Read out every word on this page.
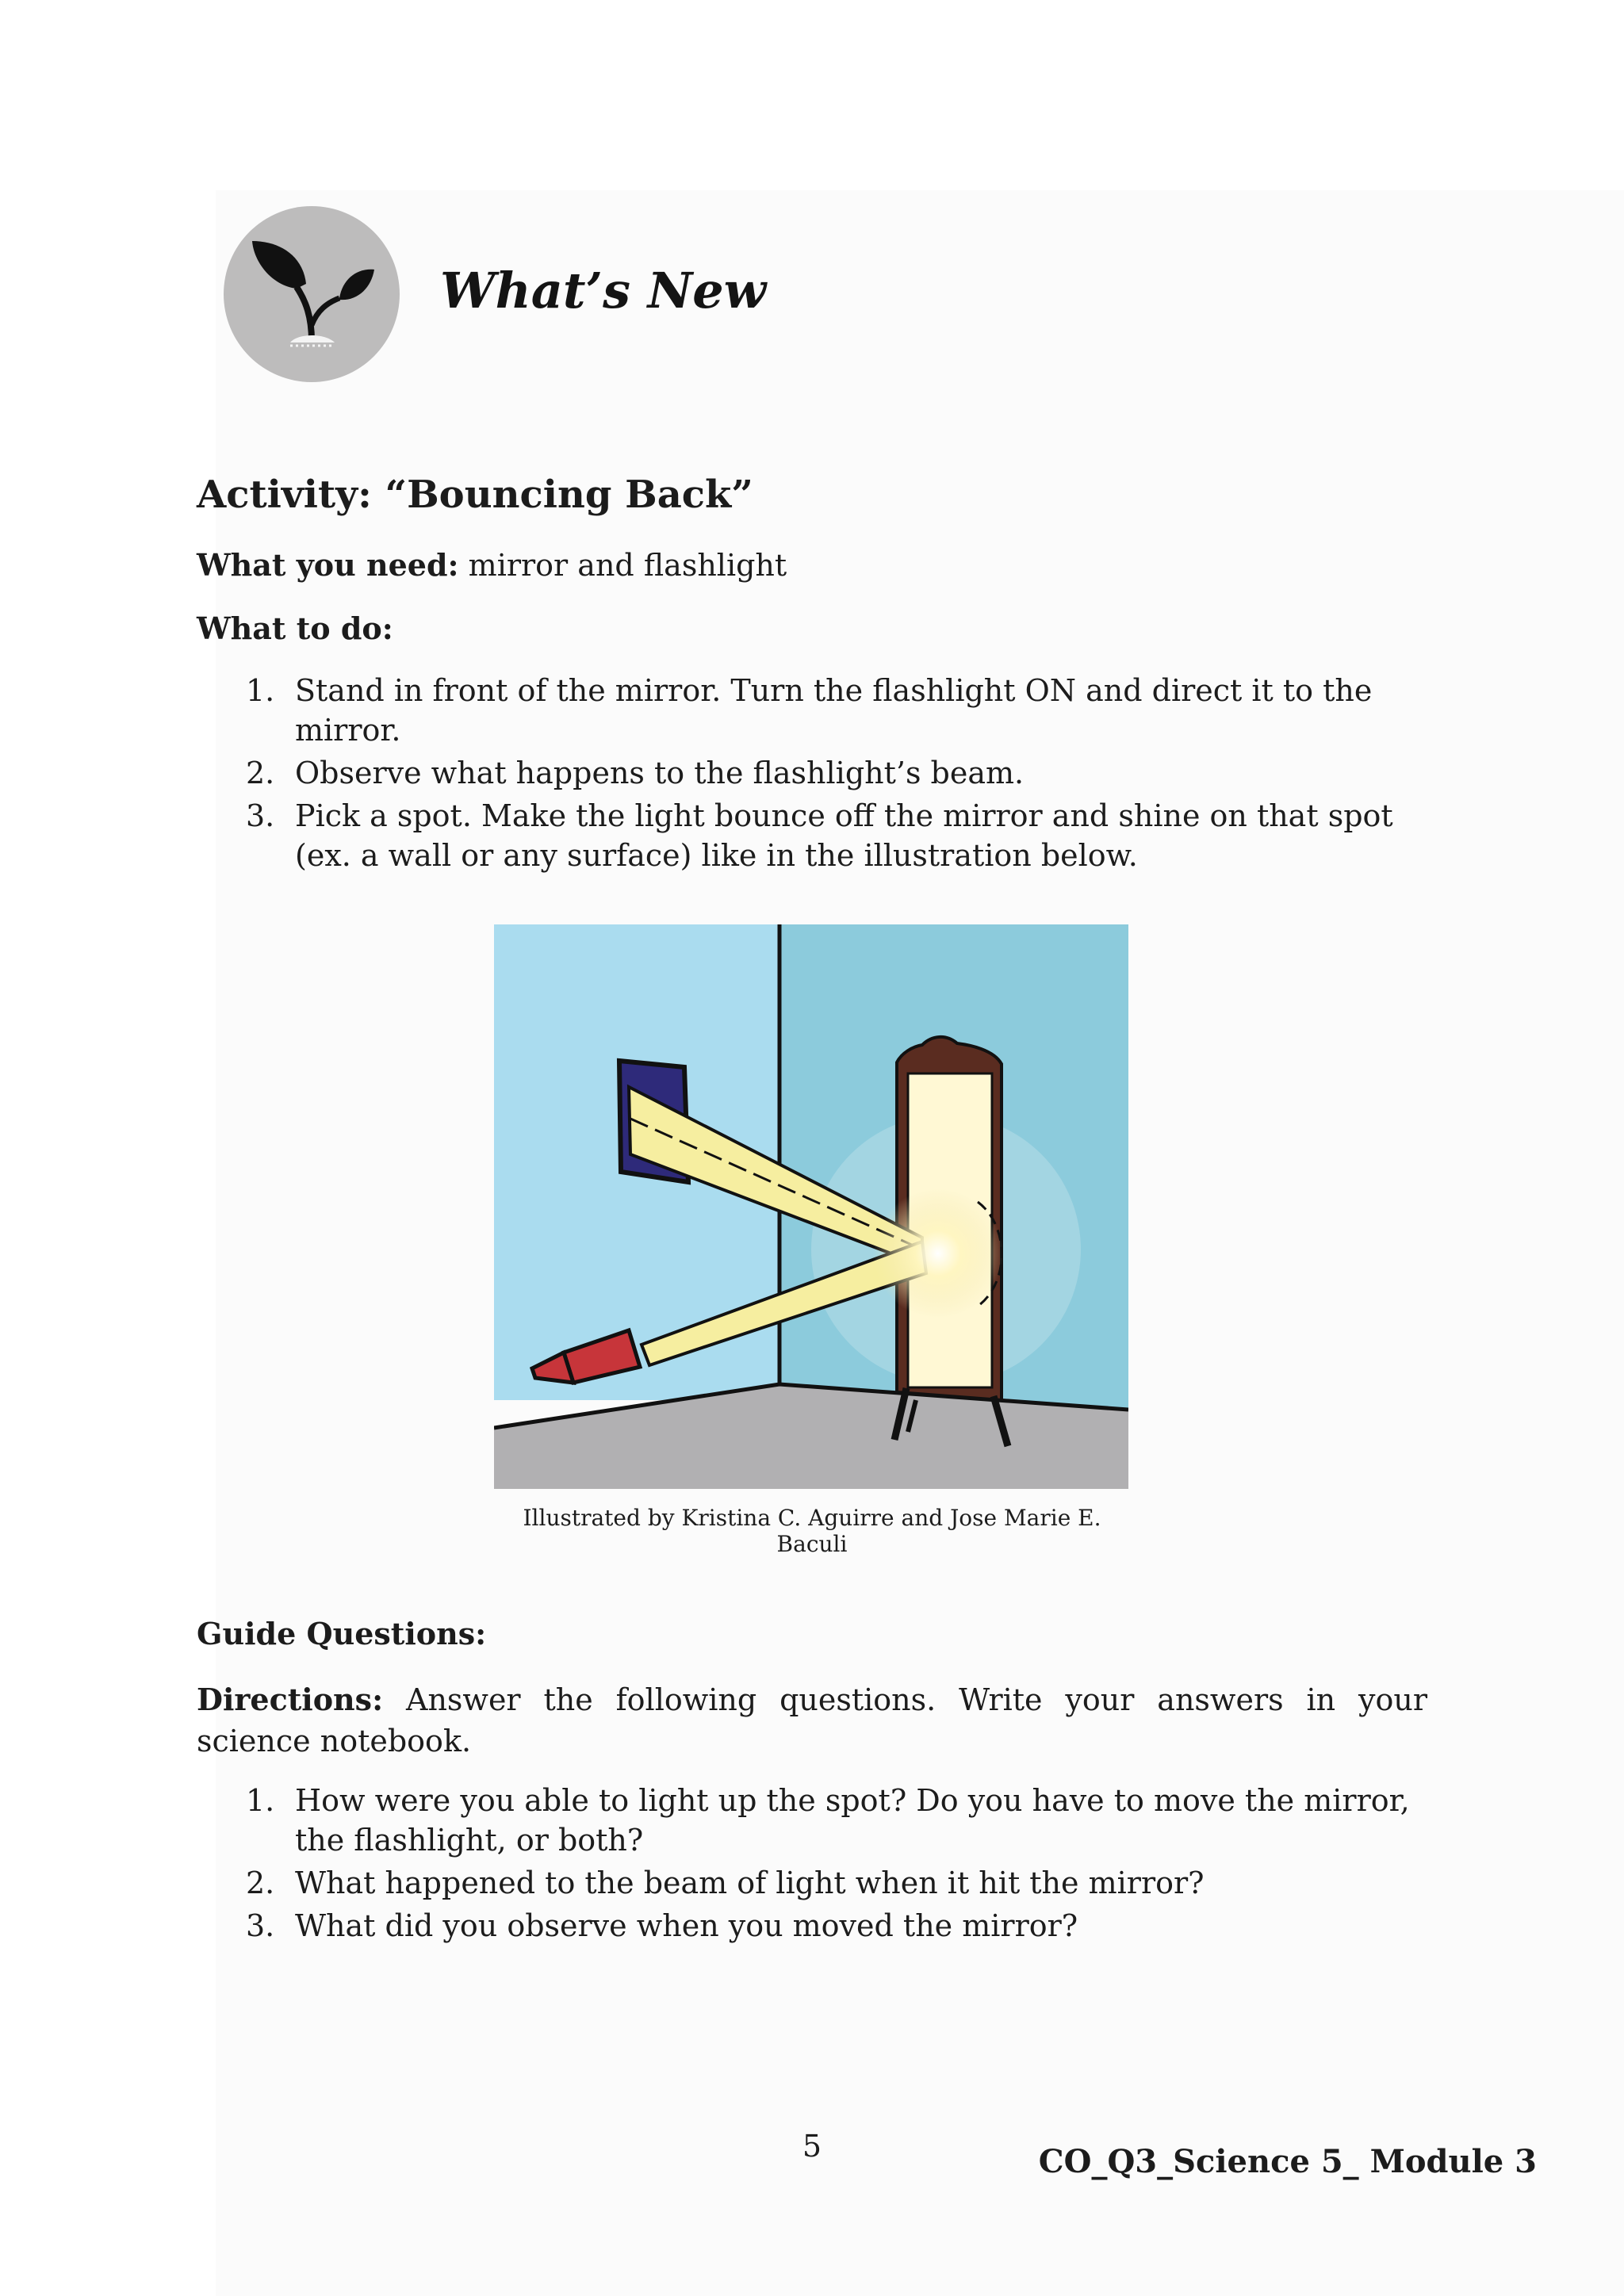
What’s New
Activity: “Bouncing Back”

What you need: mirror and flashlight

What to do:

1. Stand in front of the mirror. Turn the flashlight ON and direct it to the mirror.
2. Observe what happens to the flashlight’s beam.
3. Pick a spot. Make the light bounce off the mirror and shine on that spot (ex. a wall or any surface) like in the illustration below.

Illustrated by Kristina C. Aguirre and Jose Marie E. Baculi

Guide Questions:

Directions: Answer the following questions. Write your answers in your science notebook.

1. How were you able to light up the spot? Do you have to move the mirror, the flashlight, or both?
2. What happened to the beam of light when it hit the mirror?
3. What did you observe when you moved the mirror?

5	CO_Q3_Science 5_ Module 3
